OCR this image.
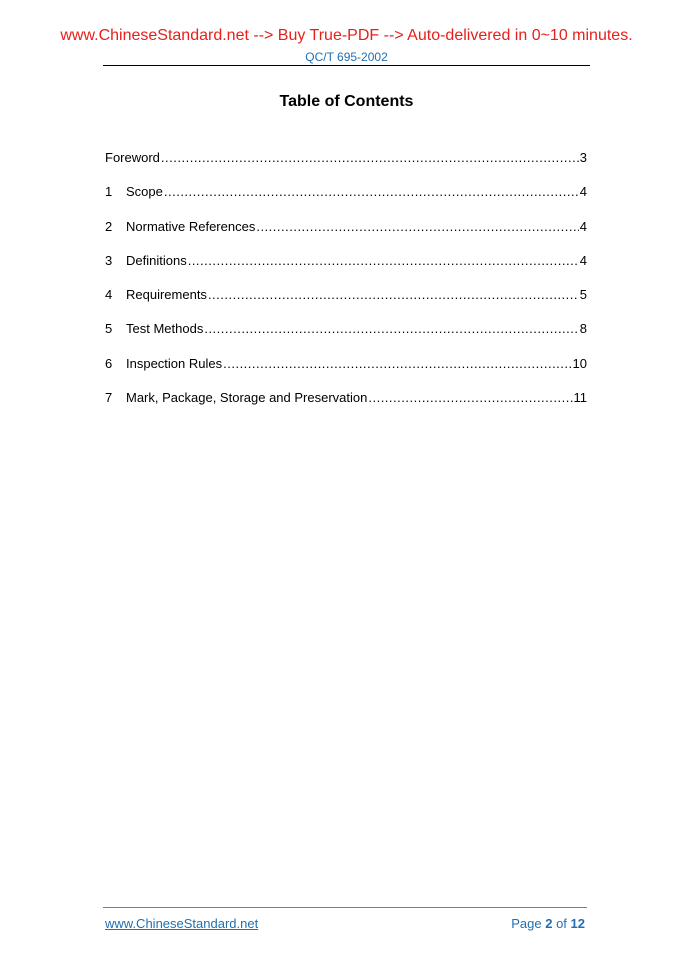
www.ChineseStandard.net --> Buy True-PDF --> Auto-delivered in 0~10 minutes.
QC/T 695-2002
Table of Contents
Foreword .....	3
1	Scope .....	4
2	Normative References .....	4
3	Definitions .....	4
4	Requirements .....	5
5	Test Methods .....	8
6	Inspection Rules .....	10
7	Mark, Package, Storage and Preservation .....	11
www.ChineseStandard.net	Page 2 of 12
